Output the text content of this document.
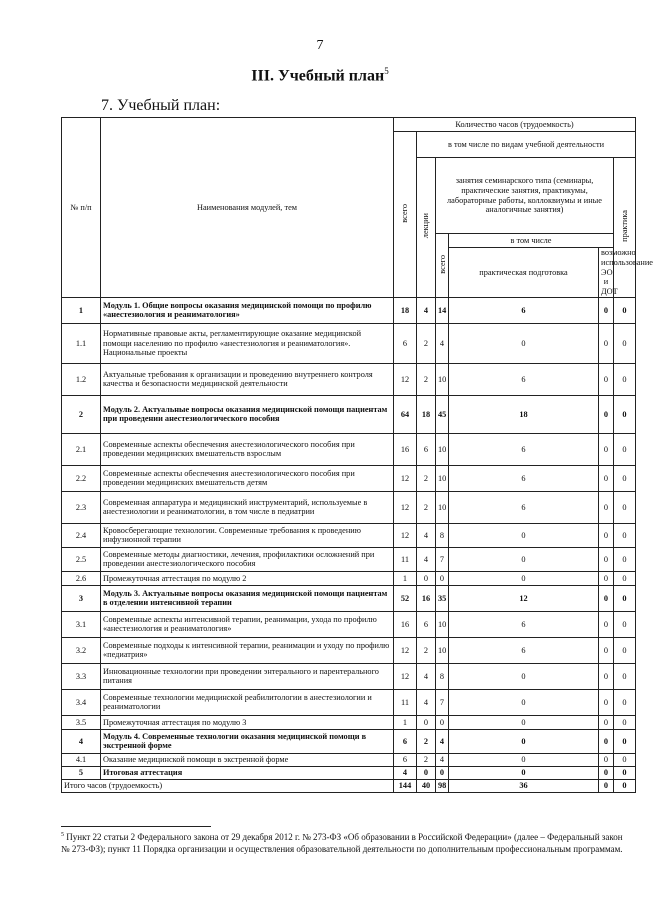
7
III. Учебный план$^5$
7. Учебный план:
№ п/п	Наименования модулей, тем	Количество часов (трудоемкость)						
		всего	в том числе по видам учебной деятельности					
			лекции	занятия семинарского типа (семинары, практические занятия, практикумы, лабораторные работы, коллоквиумы и иные аналогичные занятия)			практика	
				всего	в том числе			
					практическая подготовка	возможно использование ЭО и ДОТ		
1	Модуль 1. Общие вопросы оказания медицинской помощи по профилю «анестезиология и реаниматология»	18	4	14	6	0	0	
1.1	Нормативные правовые акты, регламентирующие оказание медицинской помощи населению по профилю «анестезиология и реаниматология». Национальные проекты	6	2	4	0	0	0	
1.2	Актуальные требования к организации и проведению внутреннего контроля качества и безопасности медицинской деятельности	12	2	10	6	0	0	
2	Модуль 2. Актуальные вопросы оказания медицинской помощи пациентам при проведении анестезиологического пособия	64	18	45	18	0	0	
2.1	Современные аспекты обеспечения анестезиологического пособия при проведении медицинских вмешательств взрослым	16	6	10	6	0	0	
2.2	Современные аспекты обеспечения анестезиологического пособия при проведении медицинских вмешательств детям	12	2	10	6	0	0	
2.3	Современная аппаратура и медицинский инструментарий, используемые в анестезиологии и реаниматологии, в том числе в педиатрии	12	2	10	6	0	0	
2.4	Кровосберегающие технологии. Современные требования к проведению инфузионной терапии	12	4	8	0	0	0	
2.5	Современные методы диагностики, лечения, профилактики осложнений при проведении анестезиологического пособия	11	4	7	0	0	0	
2.6	Промежуточная аттестация по модулю 2	1	0	0	0	0	0	
3	Модуль 3. Актуальные вопросы оказания медицинской помощи пациентам в отделении интенсивной терапии	52	16	35	12	0	0	
3.1	Современные аспекты интенсивной терапии, реанимации, ухода по профилю «анестезиология и реаниматология»	16	6	10	6	0	0	
3.2	Современные подходы к интенсивной терапии, реанимации и уходу по профилю «педиатрия»	12	2	10	6	0	0	
3.3	Инновационные технологии при проведении энтерального и парентерального питания	12	4	8	0	0	0	
3.4	Современные технологии медицинской реабилитологии в анестезиологии и реаниматологии	11	4	7	0	0	0	
3.5	Промежуточная аттестация по модулю 3	1	0	0	0	0	0	
4	Модуль 4. Современные технологии оказания медицинской помощи в экстренной форме	6	2	4	0	0	0	
4.1	Оказание медицинской помощи в экстренной форме	6	2	4	0	0	0	
5	Итоговая аттестация	4	0	0	0	0	0	
Итого часов (трудоемкость)		144	40	98	36	0	0	
$^5$ Пункт 22 статьи 2 Федерального закона от 29 декабря 2012 г. № 273-ФЗ «Об образовании в Российской Федерации» (далее – Федеральный закон № 273-ФЗ); пункт 11 Порядка организации и осуществления образовательной деятельности по дополнительным профессиональным программам.
